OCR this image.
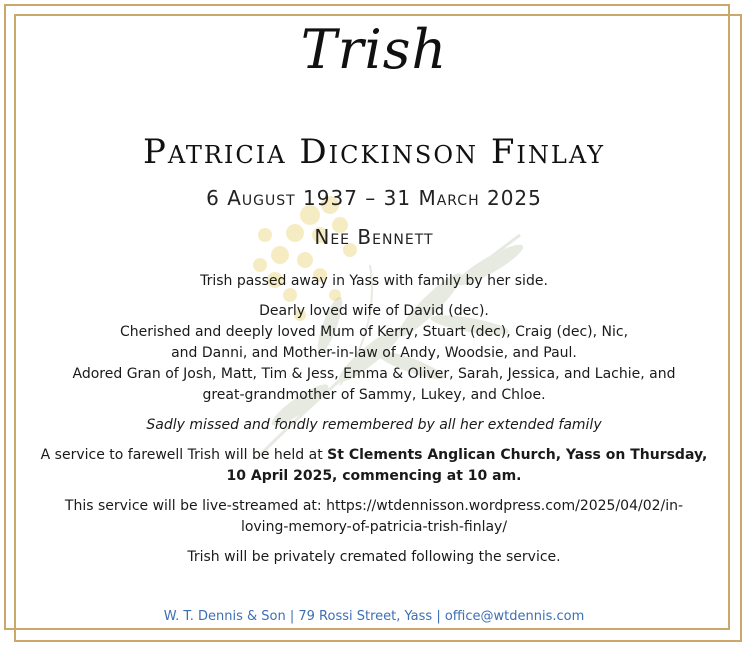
Trish
Patricia Dickinson Finlay
6 August 1937 – 31 March 2025
Nee Bennett

Trish passed away in Yass with family by her side.

Dearly loved wife of David (dec).
Cherished and deeply loved Mum of Kerry, Stuart (dec), Craig (dec), Nic,
and Danni, and Mother-in-law of Andy, Woodsie, and Paul.
Adored Gran of Josh, Matt, Tim & Jess, Emma & Oliver, Sarah, Jessica, and Lachie, and
great-grandmother of Sammy, Lukey, and Chloe.

Sadly missed and fondly remembered by all her extended family

A service to farewell Trish will be held at St Clements Anglican Church, Yass on Thursday,
10 April 2025, commencing at 10 am.

This service will be live-streamed at: https://wtdennisson.wordpress.com/2025/04/02/in-
loving-memory-of-patricia-trish-finlay/

Trish will be privately cremated following the service.

W. T. Dennis & Son | 79 Rossi Street, Yass | office@wtdennis.com
